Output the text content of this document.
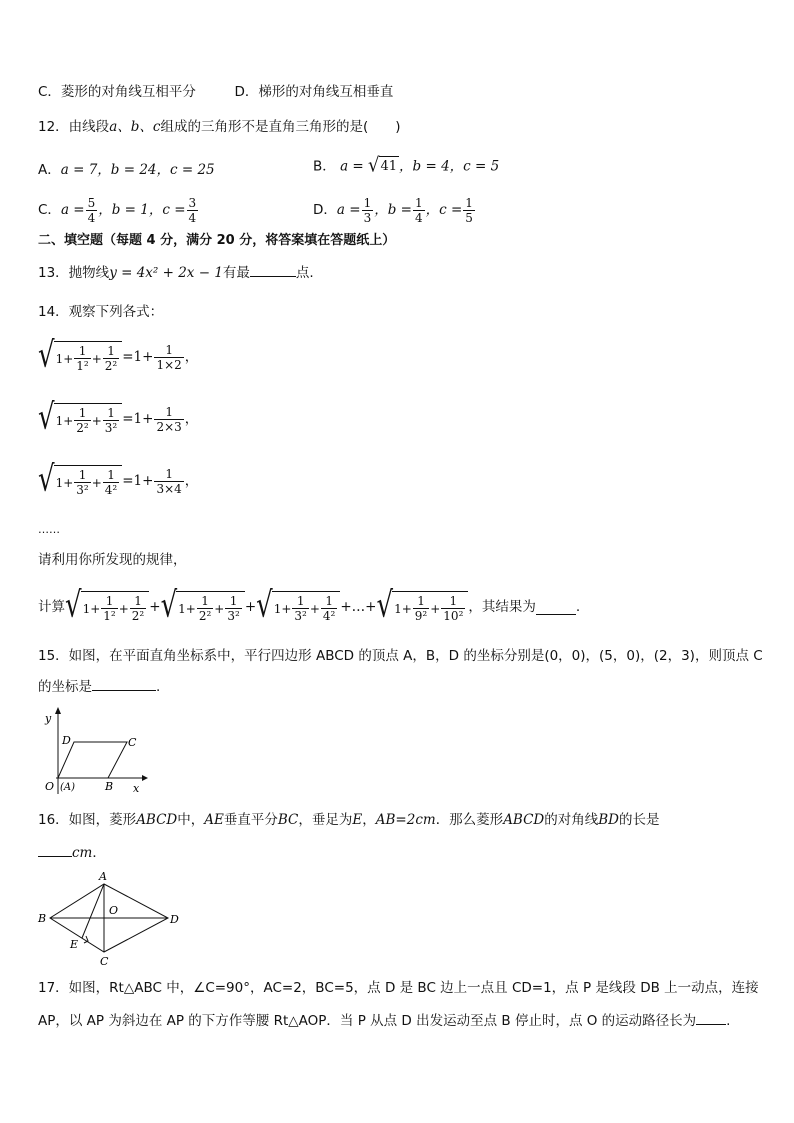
C．菱形的对角线互相平分	D．梯形的对角线互相垂直
12．由线段a、b、c组成的三角形不是直角三角形的是(　　)
A．a = 7，b = 24，c = 25	B． a = √ 41 ，b = 4，c = 5
C． $a = \frac{5}{4}$ ， b = 1， $c = \frac{3}{4}$	D． $a = \frac{1}{3}$ ，$b = \frac{1}{4}$ ，$c = \frac{1}{5}$
二、填空题（每题 4 分，满分 20 分，将答案填在答题纸上）
13．抛物线y = 4x² + 2x − 1有最	点.
14．观察下列各式：
√ $1+ \frac{1}{\text{1²}} + \frac{1}{\text{2²}} =1+ \frac{1}{1\times 2}$ ，
√ $1+ \frac{1}{\text{2²}} + \frac{1}{\text{3²}} =1+ \frac{1}{2\times 3}$ ，
√ $1+ \frac{1}{\text{3²}} + \frac{1}{\text{4²}} =1+ \frac{1}{3\times 4}$ ，
……
请利用你所发现的规律，
计算 √ $1+ \frac{1}{\text{1²}} + \frac{1}{\text{2²}}$ + √ $1+ \frac{1}{\text{2²}} + \frac{1}{\text{3²}}$ + √ $1+ \frac{1}{\text{3²}} + \frac{1}{\text{4²}}$ +…+ √ $1+ \frac{1}{\text{9²}} + \frac{1}{\text{10²}}$ ，其结果为	.
15．如图，在平面直角坐标系中，平行四边形 ABCD 的顶点 A，B，D 的坐标分别是(0，0)，(5，0)，(2，3)，则顶点 C
的坐标是	.
y
x
D	C
O (A)	B
16．如图，菱形ABCD中，AE垂直平分BC，垂足为E，AB=2cm．那么菱形ABCD的对角线BD的长是
cm．
A
B
C
D
O
E
17．如图，Rt△ABC 中，∠C=90°，AC=2，BC=5，点 D 是 BC 边上一点且 CD=1，点 P 是线段 DB 上一动点，连接
AP，以 AP 为斜边在 AP 的下方作等腰 Rt△AOP．当 P 从点 D 出发运动至点 B 停止时，点 O 的运动路径长为 .
